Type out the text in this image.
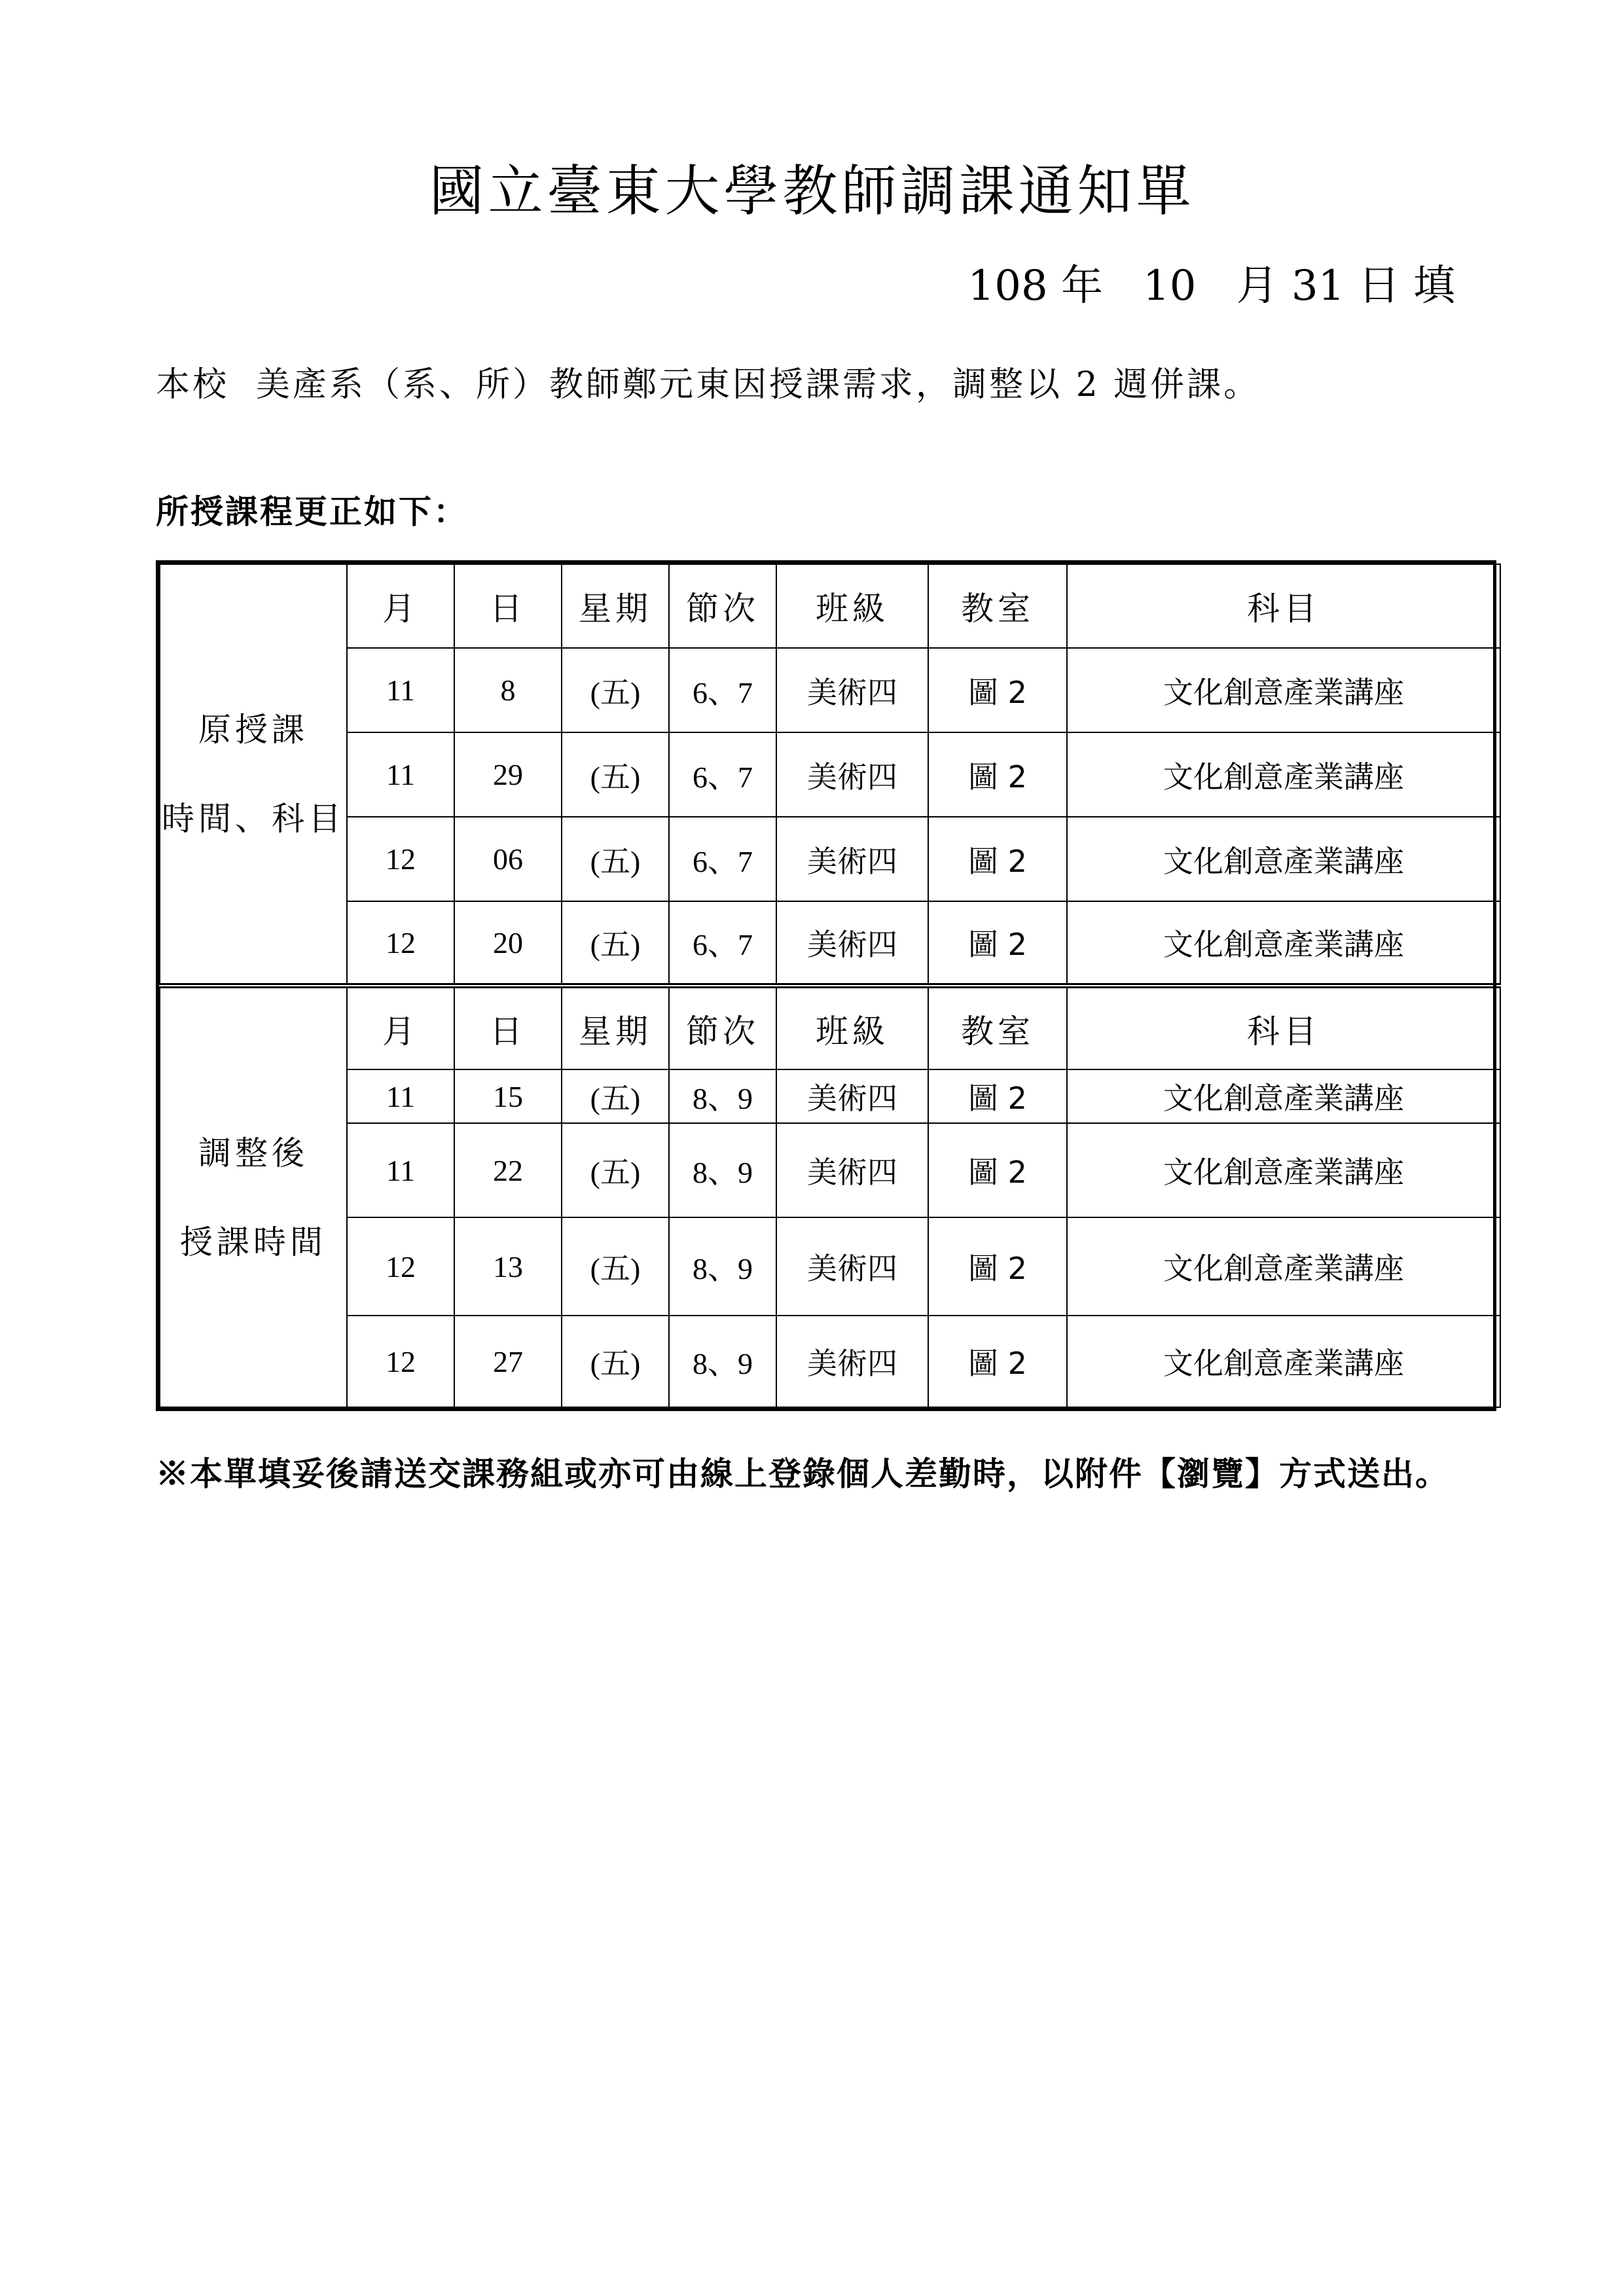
國立臺東大學教師調課通知單
108 年   10   月 31 日 填
本校  美產系（系、所）教師鄭元東因授課需求，調整以 2 週併課。
所授課程更正如下：
原授課
時間、科目	月	日	星期	節次	班級	教室	科目
	11	8	(五)	6、7	美術四	圖 2	文化創意產業講座
	11	29	(五)	6、7	美術四	圖 2	文化創意產業講座
	12	06	(五)	6、7	美術四	圖 2	文化創意產業講座
	12	20	(五)	6、7	美術四	圖 2	文化創意產業講座

調整後
授課時間	月	日	星期	節次	班級	教室	科目
	11	15	(五)	8、9	美術四	圖 2	文化創意產業講座
	11	22	(五)	8、9	美術四	圖 2	文化創意產業講座
	12	13	(五)	8、9	美術四	圖 2	文化創意產業講座
	12	27	(五)	8、9	美術四	圖 2	文化創意產業講座
※本單填妥後請送交課務組或亦可由線上登錄個人差勤時，以附件【瀏覽】方式送出。
